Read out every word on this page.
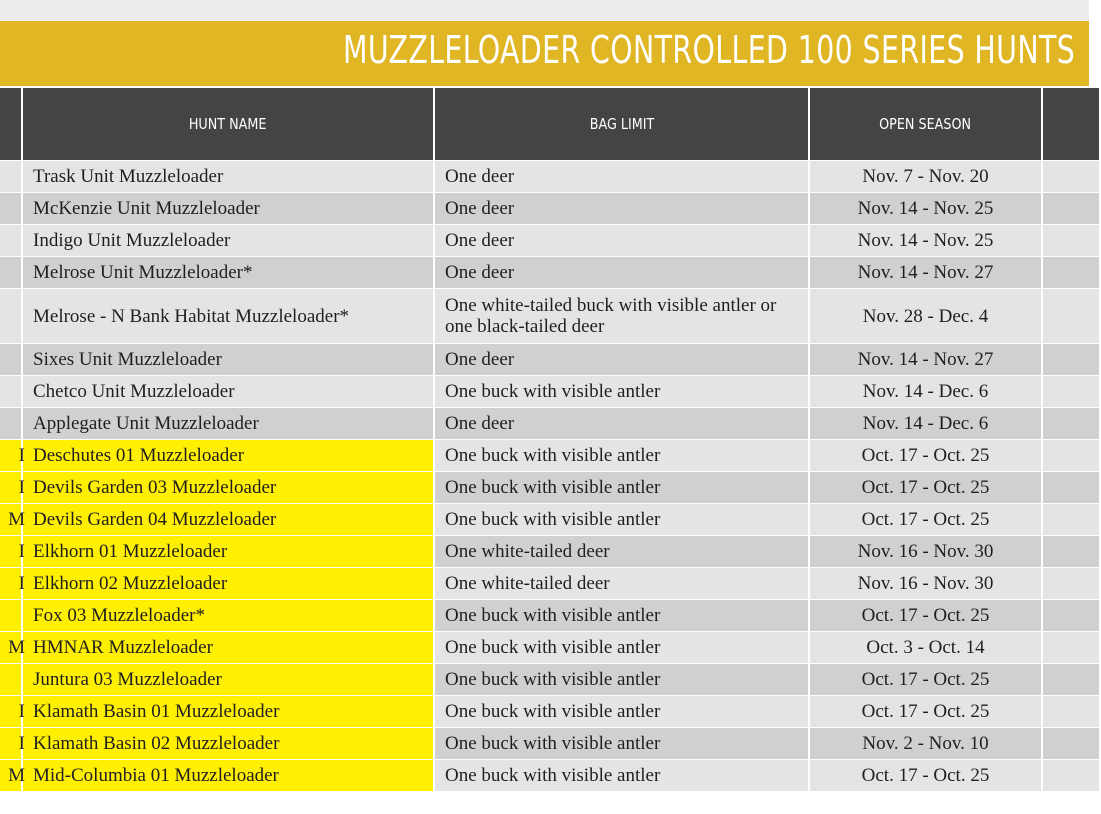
MUZZLELOADER CONTROLLED 100 SERIES HUNTS
	HUNT NAME	BAG LIMIT	OPEN SEASON	

	Trask Unit Muzzleloader	One deer	Nov. 7 - Nov. 20	

	McKenzie Unit Muzzleloader	One deer	Nov. 14 - Nov. 25	

	Indigo Unit Muzzleloader	One deer	Nov. 14 - Nov. 25	

	Melrose Unit Muzzleloader*	One deer	Nov. 14 - Nov. 27	

	Melrose - N Bank Habitat Muzzleloader*	One white-tailed buck with visible antler or one black-tailed deer	Nov. 28 - Dec. 4	

	Sixes Unit Muzzleloader	One deer	Nov. 14 - Nov. 27	

	Chetco Unit Muzzleloader	One buck with visible antler	Nov. 14 - Dec. 6	

	Applegate Unit Muzzleloader	One deer	Nov. 14 - Dec. 6	

I	Deschutes 01 Muzzleloader	One buck with visible antler	Oct. 17 - Oct. 25	

I	Devils Garden 03 Muzzleloader	One buck with visible antler	Oct. 17 - Oct. 25	

M	Devils Garden 04 Muzzleloader	One buck with visible antler	Oct. 17 - Oct. 25	

I	Elkhorn 01 Muzzleloader	One white-tailed deer	Nov. 16 - Nov. 30	

I	Elkhorn 02 Muzzleloader	One white-tailed deer	Nov. 16 - Nov. 30	

	Fox 03 Muzzleloader*	One buck with visible antler	Oct. 17 - Oct. 25	

M	HMNAR Muzzleloader	One buck with visible antler	Oct. 3 - Oct. 14	

	Juntura 03 Muzzleloader	One buck with visible antler	Oct. 17 - Oct. 25	

I	Klamath Basin 01 Muzzleloader	One buck with visible antler	Oct. 17 - Oct. 25	

I	Klamath Basin 02 Muzzleloader	One buck with visible antler	Nov. 2 - Nov. 10	

M	Mid-Columbia 01 Muzzleloader	One buck with visible antler	Oct. 17 - Oct. 25	
